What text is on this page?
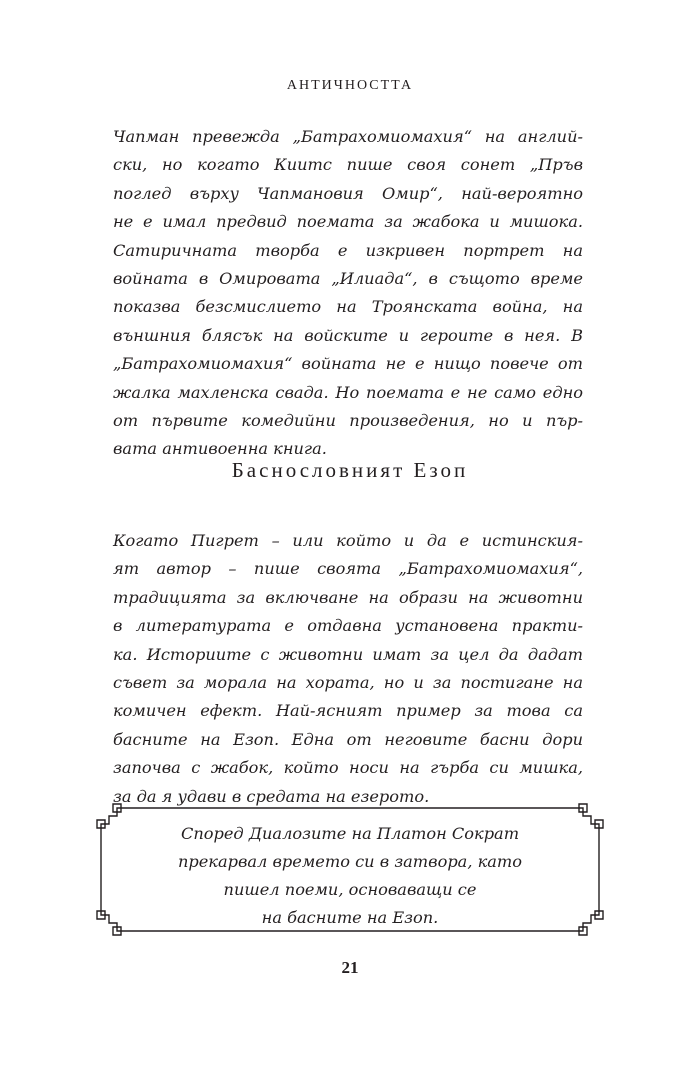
АНТИЧНОСТТА
Чапман превежда „Батрахомиомахия“ на англий-
ски, но когато Киитс пише своя сонет „Пръв
поглед върху Чапмановия Омир“, най-вероятно
не е имал предвид поемата за жабока и мишока.
Сатиричната творба е изкривен портрет на
войната в Омировата „Илиада“, в същото време
показва безсмислието на Троянската война, на
външния блясък на войските и героите в нея. В
„Батрахомиомахия“ войната не е нищо повече от
жалка махленска свада. Но поемата е не само едно
от първите комедийни произведения, но и пър-
вата антивоенна книга.
Баснословният Езоп
Когато Пигрет – или който и да е истинския-
ят автор – пише своята „Батрахомиомахия“,
традицията за включване на образи на животни
в литературата е отдавна установена практи-
ка. Историите с животни имат за цел да дадат
съвет за морала на хората, но и за постигане на
комичен ефект. Най-ясният пример за това са
басните на Езоп. Една от неговите басни дори
започва с жабок, който носи на гърба си мишка,
за да я удави в средата на езерото.
Според Диалозите на Платон Сократ
прекарвал времето си в затвора, като
пишел поеми, основаващи се
на басните на Езоп.
21
